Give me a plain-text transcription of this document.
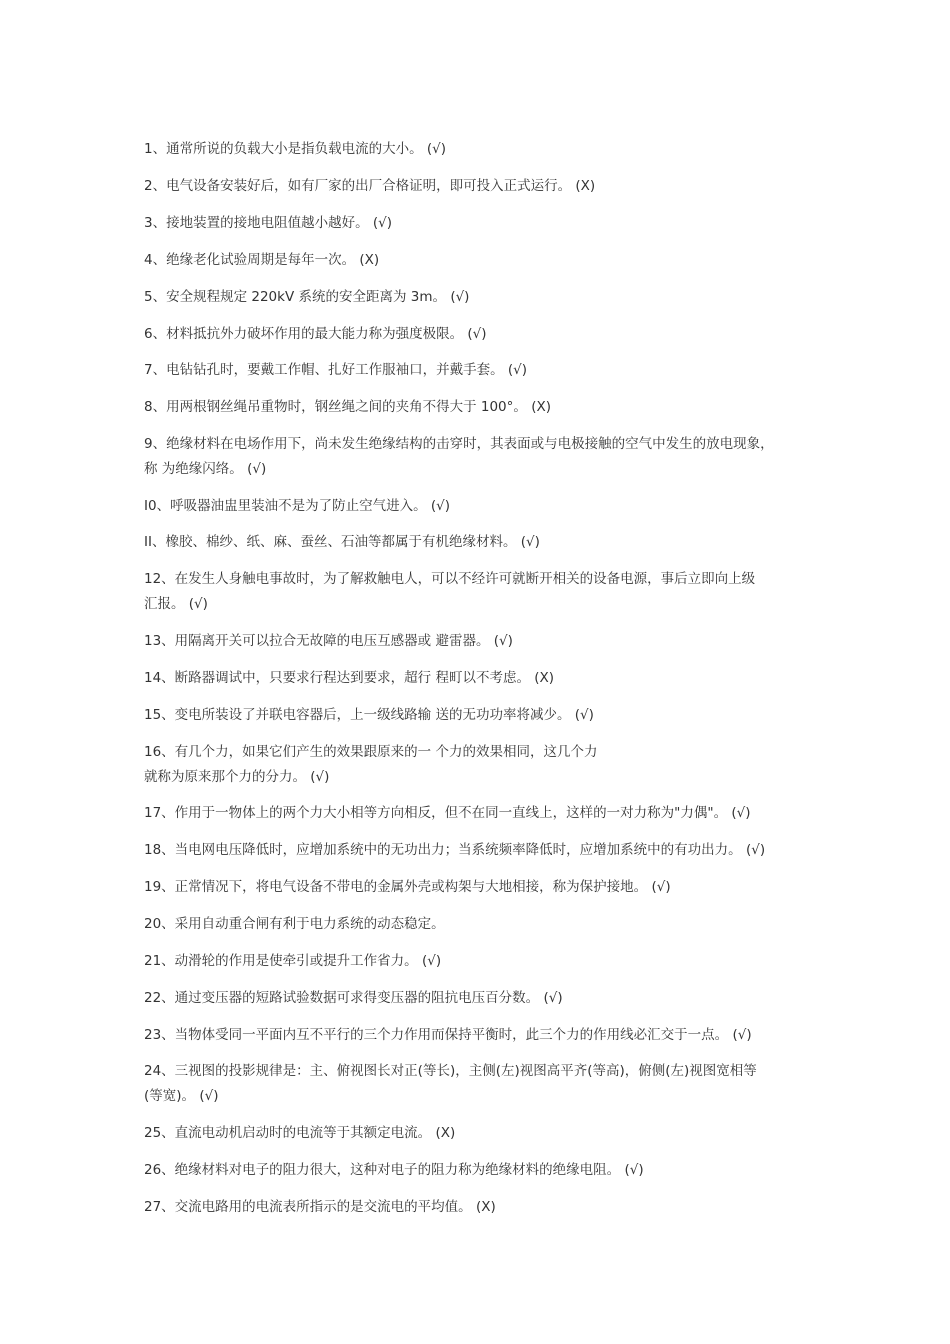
1、通常所说的负载大小是指负载电流的大小。 (√)

2、电气设备安装好后，如有厂家的出厂合格证明，即可投入正式运行。 (X)

3、接地装置的接地电阻值越小越好。 (√)

4、绝缘老化试验周期是每年一次。 (X)

5、安全规程规定 220kV 系统的安全距离为 3m。 (√)

6、材料抵抗外力破坏作用的最大能力称为强度极限。 (√)

7、电钻钻孔时，要戴工作帽、扎好工作服袖口，并戴手套。 (√)

8、用两根钢丝绳吊重物时，钢丝绳之间的夹角不得大于 100°。 (X)

9、绝缘材料在电场作用下，尚未发生绝缘结构的击穿时，其表面或与电极接触的空气中发生的放电现象，
称 为绝缘闪络。 (√)

I0、呼吸器油盅里装油不是为了防止空气进入。 (√)

II、橡胶、棉纱、纸、麻、蚕丝、石油等都属于有机绝缘材料。 (√)

12、在发生人身触电事故时，为了解救触电人，可以不经许可就断开相关的设备电源，事后立即向上级
汇报。 (√)

13、用隔离开关可以拉合无故障的电压互感器或 避雷器。 (√)

14、断路器调试中，只要求行程达到要求，超行 程町以不考虑。 (X)

15、变电所装设了并联电容器后，上一级线路输 送的无功功率将减少。 (√)

16、有几个力，如果它们产生的效果跟原来的一 个力的效果相同，这几个力
就称为原来那个力的分力。 (√)

17、作用于一物体上的两个力大小相等方向相反，但不在同一直线上，这样的一对力称为"力偶"。 (√)

18、当电网电压降低时，应增加系统中的无功出力；当系统频率降低时，应增加系统中的有功出力。 (√)

19、正常情况下，将电气设备不带电的金属外壳或构架与大地相接，称为保护接地。 (√)

20、采用自动重合闸有利于电力系统的动态稳定。

21、动滑轮的作用是使牵引或提升工作省力。 (√)

22、通过变压器的短路试验数据可求得变压器的阻抗电压百分数。 (√)

23、当物体受同一平面内互不平行的三个力作用而保持平衡时，此三个力的作用线必汇交于一点。 (√)

24、三视图的投影规律是：主、俯视图长对正(等长)，主侧(左)视图高平齐(等高)，俯侧(左)视图宽相等
(等宽)。 (√)

25、直流电动机启动时的电流等于其额定电流。 (X)

26、绝缘材料对电子的阻力很大，这种对电子的阻力称为绝缘材料的绝缘电阻。 (√)

27、交流电路用的电流表所指示的是交流电的平均值。 (X)
